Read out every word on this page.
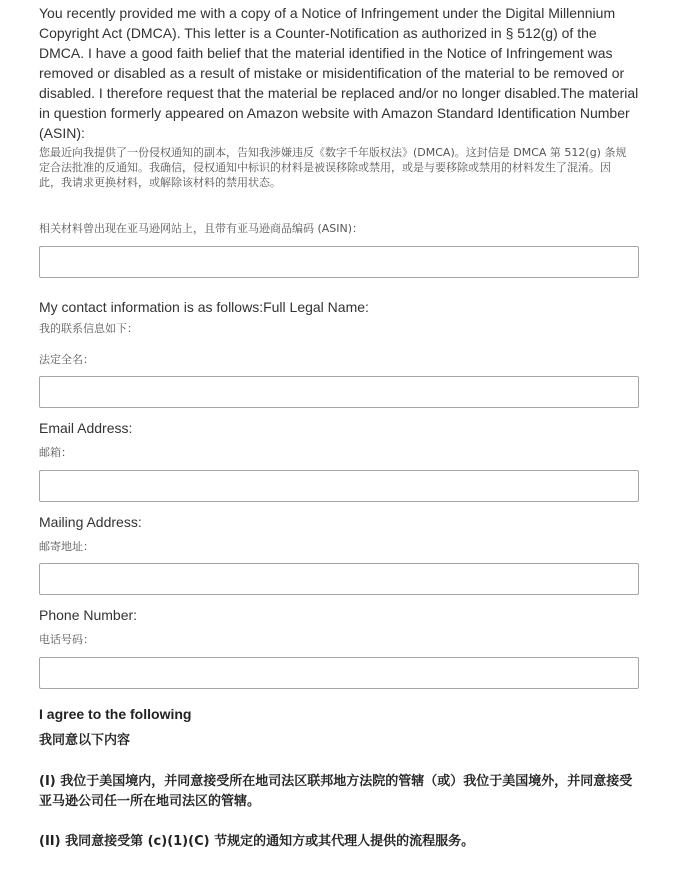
You recently provided me with a copy of a Notice of Infringement under the Digital Millennium Copyright Act (DMCA). This letter is a Counter-Notification as authorized in § 512(g) of the DMCA. I have a good faith belief that the material identified in the Notice of Infringement was removed or disabled as a result of mistake or misidentification of the material to be removed or disabled. I therefore request that the material be replaced and/or no longer disabled.The material in question formerly appeared on Amazon website with Amazon Standard Identification Number (ASIN):

您最近向我提供了一份侵权通知的副本，告知我涉嫌违反《数字千年版权法》(DMCA)。这封信是 DMCA 第 512(g) 条规定合法批准的反通知。我确信，侵权通知中标识的材料是被误移除或禁用，或是与要移除或禁用的材料发生了混淆。因此，我请求更换材料，或解除该材料的禁用状态。

相关材料曾出现在亚马逊网站上，且带有亚马逊商品编码 (ASIN)：

My contact information is as follows:Full Legal Name:

我的联系信息如下：

法定全名：

Email Address:

邮箱：

Mailing Address:

邮寄地址：

Phone Number:

电话号码：

I agree to the following

我同意以下内容

(I) 我位于美国境内，并同意接受所在地司法区联邦地方法院的管辖（或）我位于美国境外，并同意接受亚马逊公司任一所在地司法区的管辖。

(II) 我同意接受第 (c)(1)(C) 节规定的通知方或其代理人提供的流程服务。
